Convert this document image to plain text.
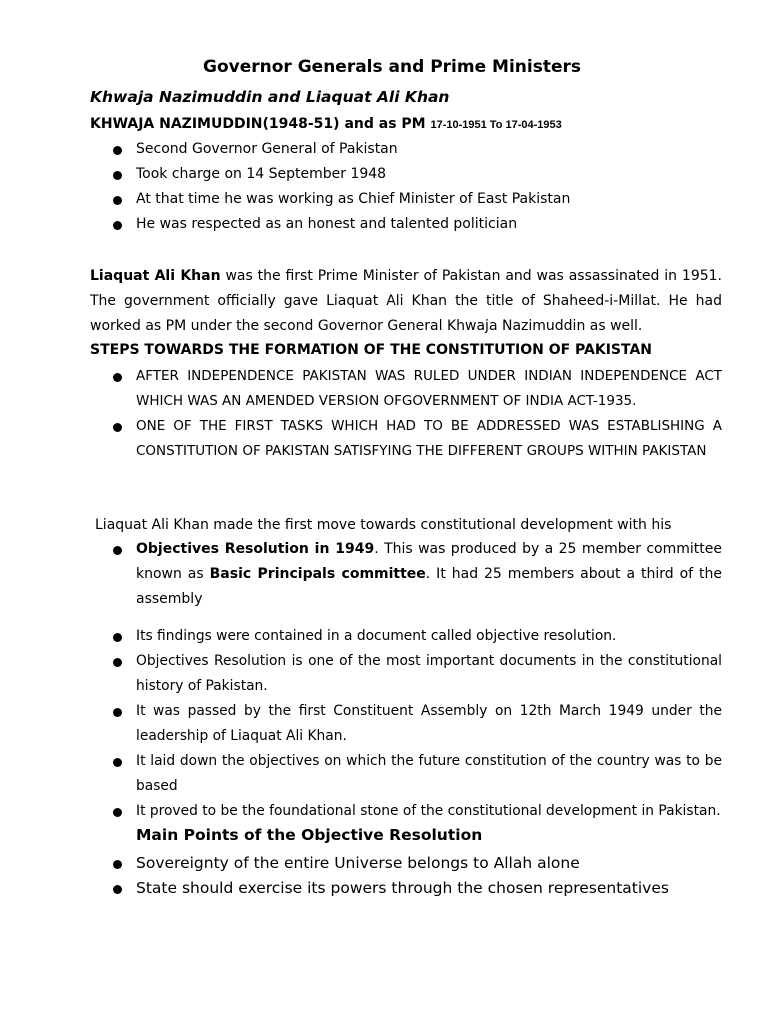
Governor Generals and Prime Ministers
Khwaja Nazimuddin and Liaquat Ali Khan
KHWAJA NAZIMUDDIN(1948-51) and as PM 17-10-1951 To 17-04-1953
Second Governor General of Pakistan
Took charge on 14 September 1948
At that time he was working as Chief Minister of East Pakistan
He was respected as an honest and talented politician
Liaquat Ali Khan was the first Prime Minister of Pakistan and was assassinated in 1951. The government officially gave Liaquat Ali Khan the title of Shaheed-i-Millat. He had worked as PM under the second Governor General Khwaja Nazimuddin as well.
STEPS TOWARDS THE FORMATION OF THE CONSTITUTION OF PAKISTAN
AFTER INDEPENDENCE PAKISTAN WAS RULED UNDER INDIAN INDEPENDENCE ACT WHICH WAS AN AMENDED VERSION OFGOVERNMENT OF INDIA ACT-1935.
ONE OF THE FIRST TASKS WHICH HAD TO BE ADDRESSED WAS ESTABLISHING A CONSTITUTION OF PAKISTAN SATISFYING THE DIFFERENT GROUPS WITHIN PAKISTAN
Liaquat Ali Khan made the first move towards constitutional development with his
Objectives Resolution in 1949. This was produced by a 25 member committee known as Basic Principals committee. It had 25 members about a third of the assembly
Its findings were contained in a document called objective resolution.
Objectives Resolution is one of the most important documents in the constitutional history of Pakistan.
It was passed by the first Constituent Assembly on 12th March 1949 under the leadership of Liaquat Ali Khan.
It laid down the objectives on which the future constitution of the country was to be based
It proved to be the foundational stone of the constitutional development in Pakistan.
Main Points of the Objective Resolution
Sovereignty of the entire Universe belongs to Allah alone
State should exercise its powers through the chosen representatives
